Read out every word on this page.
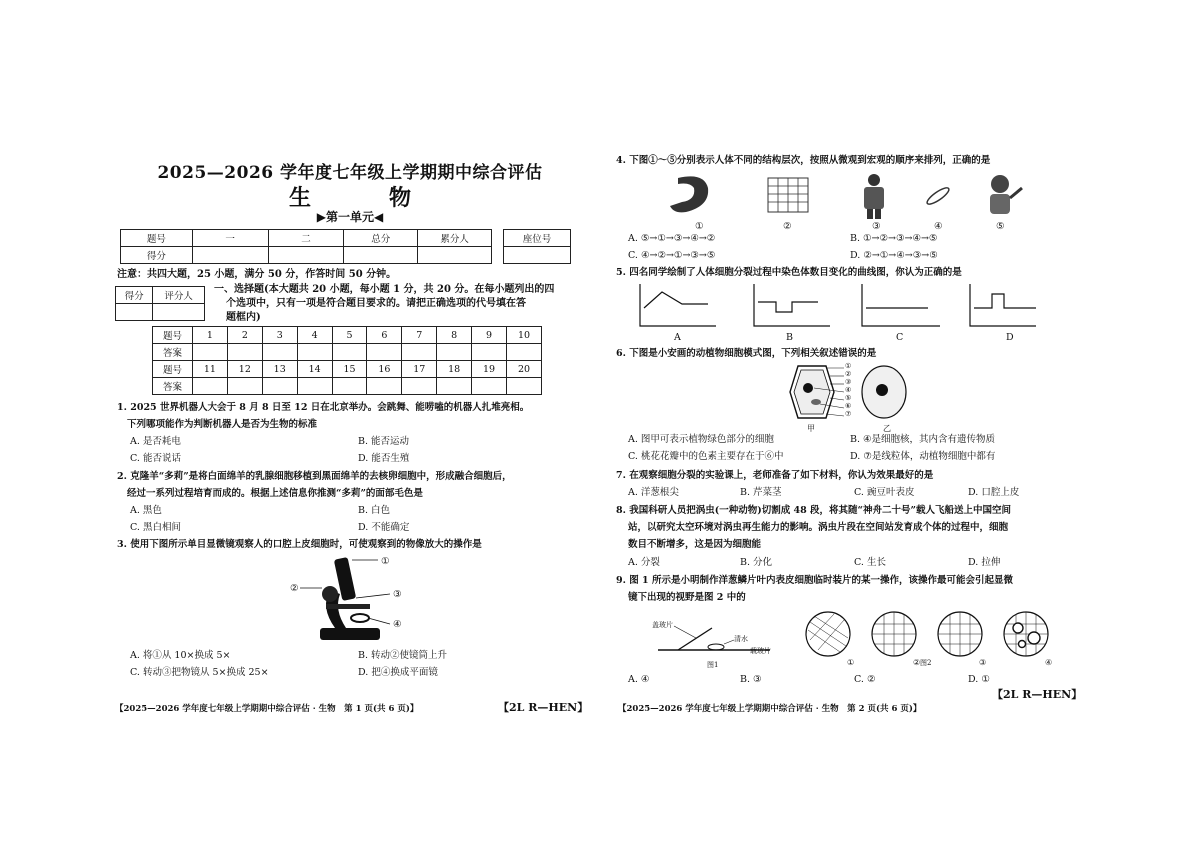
2025—2026 学年度七年级上学期期中综合评估
生　物
▶第一单元◀
题号	一	二	总分	累分人
得分				
座位号

注意：共四大题，25 小题，满分 50 分，作答时间 50 分钟。
得分	评分人

一、选择题(本大题共 20 小题，每小题 1 分，共 20 分。在每小题列出的四
个选项中，只有一项是符合题目要求的。请把正确选项的代号填在答
题框内)
题号	1	2	3	4	5	6	7	8	9	10
答案										
题号	11	12	13	14	15	16	17	18	19	20
答案										
1. 2025 世界机器人大会于 8 月 8 日至 12 日在北京举办。会跳舞、能唠嗑的机器人扎堆亮相。
下列哪项能作为判断机器人是否为生物的标准
A. 是否耗电	B. 能否运动
C. 能否说话	D. 能否生殖
2. 克隆羊“多莉”是将白面绵羊的乳腺细胞移植到黑面绵羊的去核卵细胞中，形成融合细胞后，
经过一系列过程培育而成的。根据上述信息你推测“多莉”的面部毛色是
A. 黑色	B. 白色
C. 黑白相间	D. 不能确定
3. 使用下图所示单目显微镜观察人的口腔上皮细胞时，可使观察到的物像放大的操作是
①
②
③
④
A. 将①从 10×换成 5×	B. 转动②使镜筒上升
C. 转动③把物镜从 5×换成 25×	D. 把④换成平面镜
【2025—2026 学年度七年级上学期期中综合评估 · 生物　第 1 页(共 6 页)】	【2L R—HEN】
4. 下图①～⑤分别表示人体不同的结构层次，按照从微观到宏观的顺序来排列，正确的是
①	②	③	④	⑤
A. ⑤→①→③→④→②	B. ①→②→③→④→⑤
C. ④→②→①→③→⑤	D. ②→①→④→③→⑤
5. 四名同学绘制了人体细胞分裂过程中染色体数目变化的曲线图，你认为正确的是
A	B	C	D
6. 下图是小安画的动植物细胞模式图，下列相关叙述错误的是
①
②
③
④
⑤
⑥
⑦
甲	乙
A. 图甲可表示植物绿色部分的细胞	B. ④是细胞核，其内含有遗传物质
C. 桃花花瓣中的色素主要存在于⑥中	D. ⑦是线粒体，动植物细胞中都有
7. 在观察细胞分裂的实验课上，老师准备了如下材料，你认为效果最好的是
A. 洋葱根尖	B. 芹菜茎	C. 豌豆叶表皮	D. 口腔上皮
8. 我国科研人员把涡虫(一种动物)切割成 48 段，将其随“神舟二十号”载人飞船送上中国空间
站，以研究太空环境对涡虫再生能力的影响。涡虫片段在空间站发育成个体的过程中，细胞
数目不断增多，这是因为细胞能
A. 分裂	B. 分化	C. 生长	D. 拉伸
9. 图 1 所示是小明制作洋葱鳞片叶内表皮细胞临时装片的某一操作，该操作最可能会引起显微
镜下出现的视野是图 2 中的
盖玻片
清水
载玻片
图1	①	②	③	④
图2
A. ④	B. ③	C. ②	D. ①
【2025—2026 学年度七年级上学期期中综合评估 · 生物　第 2 页(共 6 页)】
【2L R—HEN】
